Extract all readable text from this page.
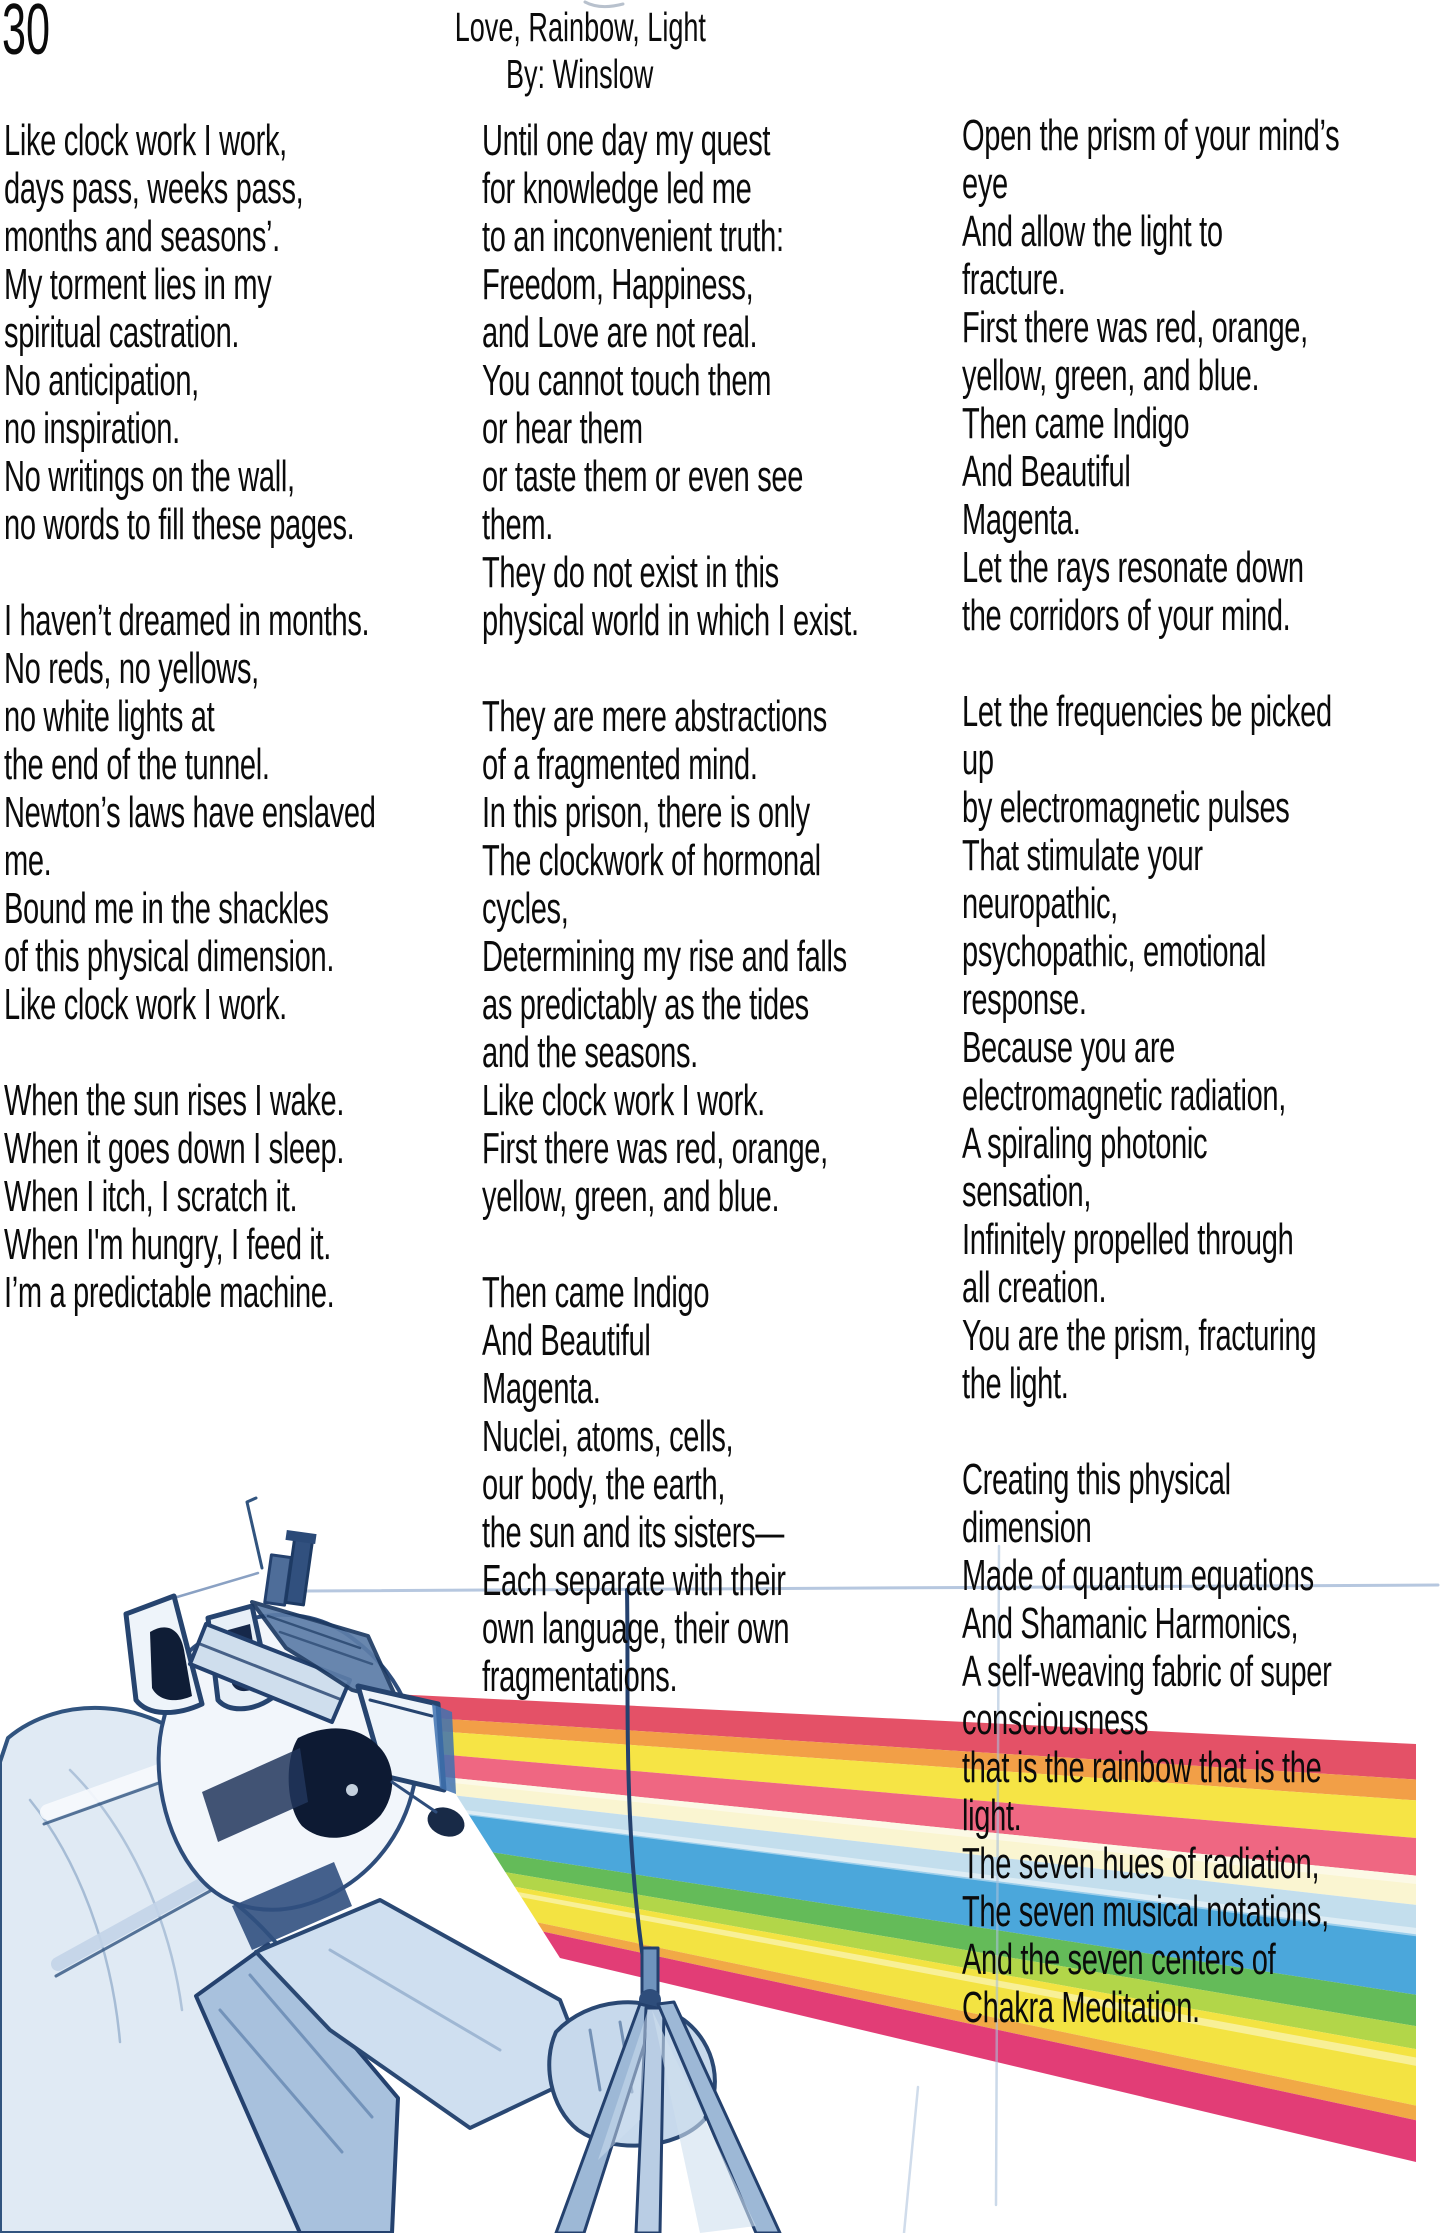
30	Love, Rainbow, Light
By: Winslow
Like clock work I work,
days pass, weeks pass,
months and seasons’.
My torment lies in my
spiritual castration.
No anticipation,
no inspiration.
No writings on the wall,
no words to fill these pages.
I haven’t dreamed in months.
No reds, no yellows,
no white lights at
the end of the tunnel.
Newton’s laws have enslaved
me.
Bound me in the shackles
of this physical dimension.
Like clock work I work.
When the sun rises I wake.
When it goes down I sleep.
When I itch, I scratch it.
When I'm hungry, I feed it.
I’m a predictable machine.
Until one day my quest
for knowledge led me
to an inconvenient truth:
Freedom, Happiness,
and Love are not real.
You cannot touch them
or hear them
or taste them or even see
them.
They do not exist in this
physical world in which I exist.
They are mere abstractions
of a fragmented mind.
In this prison, there is only
The clockwork of hormonal
cycles,
Determining my rise and falls
as predictably as the tides
and the seasons.
Like clock work I work.
First there was red, orange,
yellow, green, and blue.
Then came Indigo
And Beautiful
Magenta.
Nuclei, atoms, cells,
our body, the earth,
the sun and its sisters—
Each separate with their
own language, their own
fragmentations.
Open the prism of your mind’s
eye
And allow the light to
fracture.
First there was red, orange,
yellow, green, and blue.
Then came Indigo
And Beautiful
Magenta.
Let the rays resonate down
the corridors of your mind.
Let the frequencies be picked
up
by electromagnetic pulses
That stimulate your
neuropathic,
psychopathic, emotional
response.
Because you are
electromagnetic radiation,
A spiraling photonic
sensation,
Infinitely propelled through
all creation.
You are the prism, fracturing
the light.
Creating this physical
dimension
Made of quantum equations
And Shamanic Harmonics,
A self-weaving fabric of super
consciousness
that is the rainbow that is the
light.
The seven hues of radiation,
The seven musical notations,
And the seven centers of
Chakra Meditation.
